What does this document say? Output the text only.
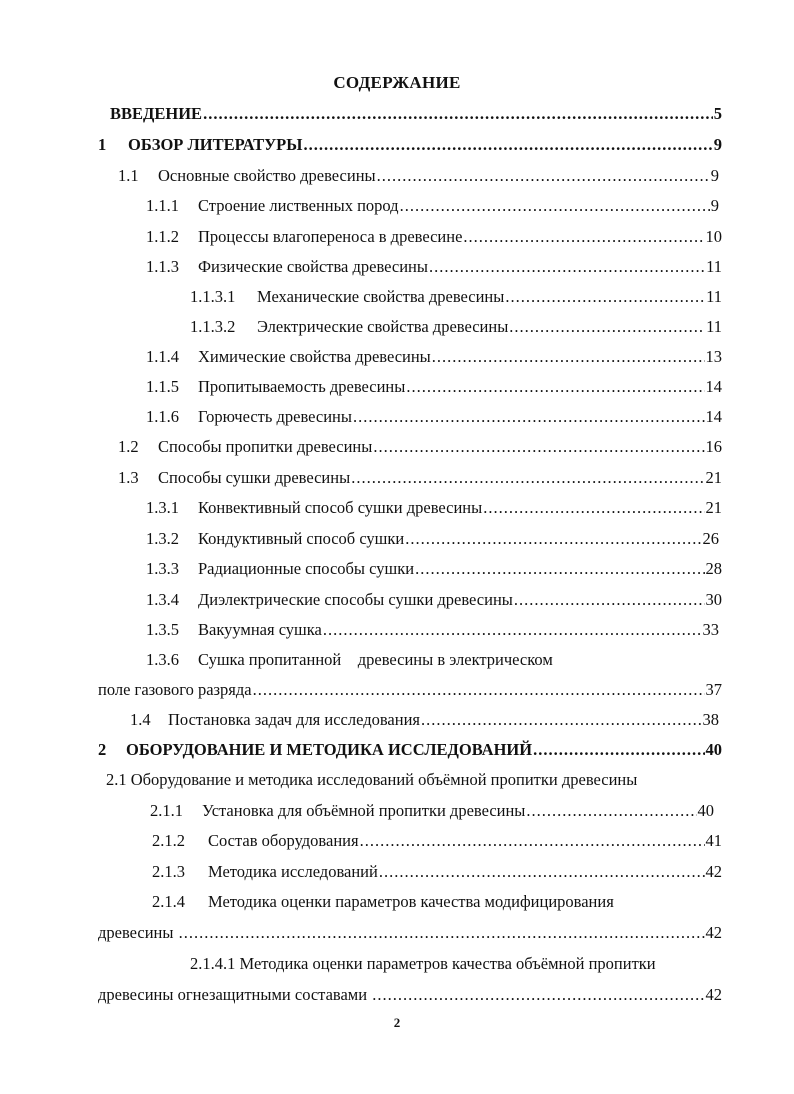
СОДЕРЖАНИЕ
ВВЕДЕНИЕ .....	5
1	ОБЗОР ЛИТЕРАТУРЫ .....	9
1.1	Основные свойство древесины .....	9
1.1.1	Строение лиственных пород .....	9
1.1.2	Процессы влагопереноса в древесине .....	10
1.1.3	Физические свойства древесины .....	11
1.1.3.1	Механические свойства древесины .....	11
1.1.3.2	Электрические свойства древесины .....	11
1.1.4	Химические свойства древесины .....	13
1.1.5	Пропитываемость древесины .....	14
1.1.6	Горючесть древесины .....	14
1.2	Способы пропитки древесины .....	16
1.3	Способы сушки древесины .....	21
1.3.1	Конвективный способ сушки древесины .....	21
1.3.2	Кондуктивный способ сушки .....	26
1.3.3	Радиационные способы сушки .....	28
1.3.4	Диэлектрические способы сушки древесины .....	30
1.3.5	Вакуумная сушка .....	33
1.3.6	Сушка пропитанной    древесины в электрическом
поле газового разряда .....	37
1.4	Постановка задач для исследования .....	38
2	ОБОРУДОВАНИЕ И МЕТОДИКА ИССЛЕДОВАНИЙ .....	40
2.1 Оборудование и методика исследований объёмной пропитки древесины
2.1.1	Установка для объёмной пропитки древесины .....	40
2.1.2	Состав оборудования .....	41
2.1.3	Методика исследований .....	42
2.1.4	Методика оценки параметров качества модифицирования
древесины .....	42
2.1.4.1 Методика оценки параметров качества объёмной пропитки
древесины огнезащитными составами .....	42
2
